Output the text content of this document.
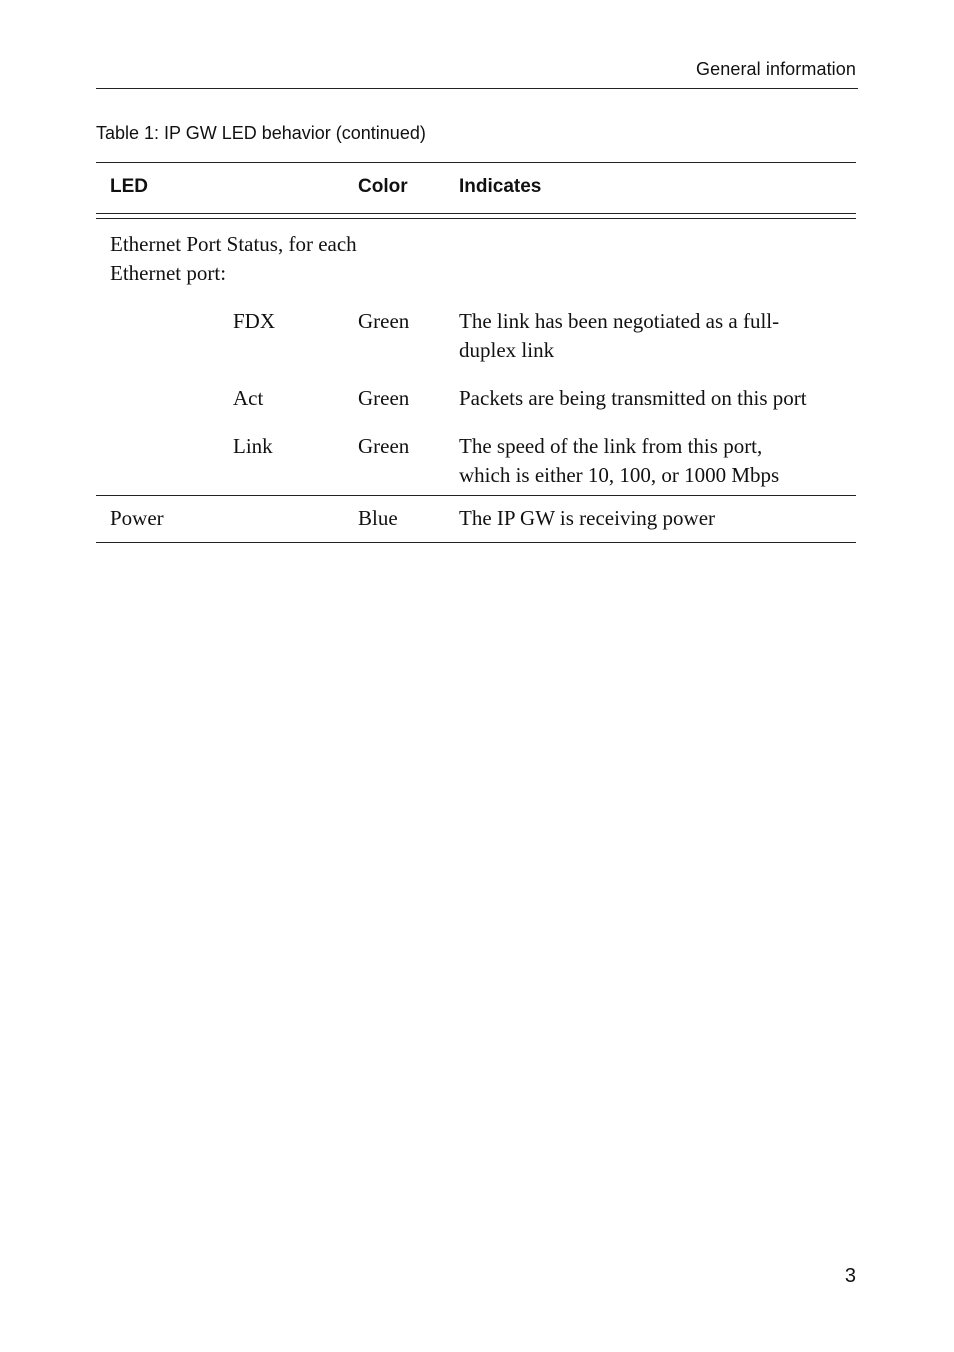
General information
Table 1: IP GW LED behavior (continued)
LED	Color	Indicates
Ethernet Port Status, for each
Ethernet port:
FDX	Green The link has been negotiated as a full-
duplex link
Act	Green Packets are being transmitted on this port
Link	Green The speed of the link from this port,
which is either 10, 100, or 1000 Mbps
Power	Blue	The IP GW is receiving power
3
